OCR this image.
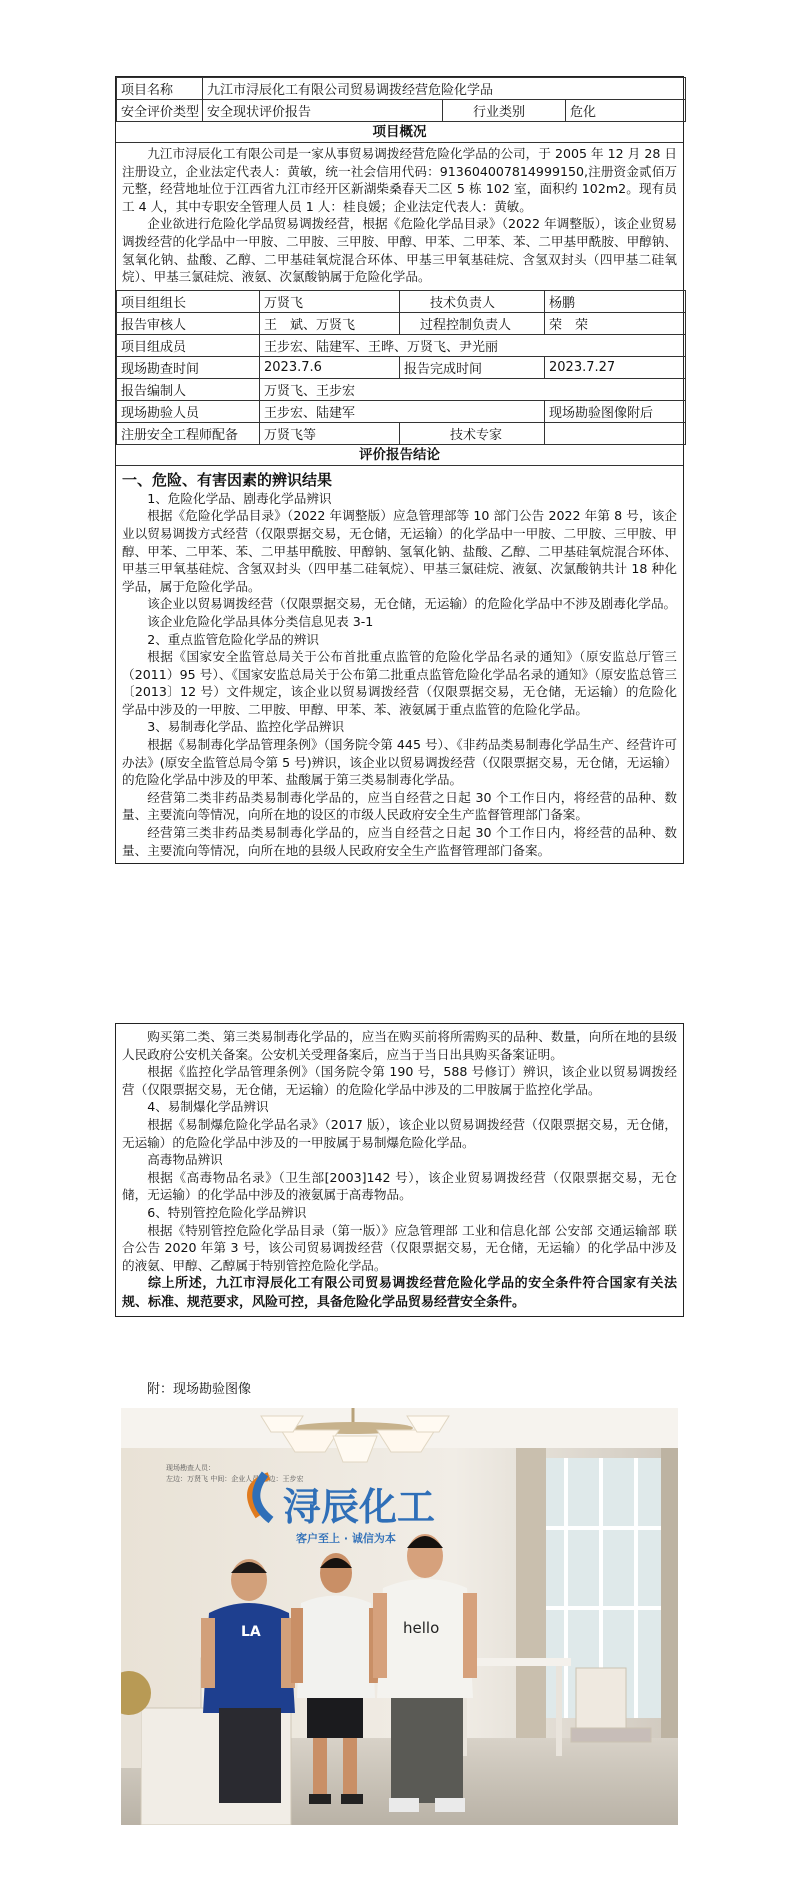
项目名称	九江市浔辰化工有限公司贸易调拨经营危险化学品		
安全评价类型	安全现状评价报告	行业类别	危化
项目概况

九江市浔辰化工有限公司是一家从事贸易调拨经营危险化学品的公司，于 2005 年 12 月 28 日注册设立，企业法定代表人：黄敏，统一社会信用代码：913604007814999150,注册资金贰佰万元整，经营地址位于江西省九江市经开区新湖柴桑春天二区 5 栋 102 室，面积约 102m2。现有员工 4 人，其中专职安全管理人员 1 人：桂良媛；企业法定代表人：黄敏。

企业欲进行危险化学品贸易调拨经营，根据《危险化学品目录》（2022 年调整版），该企业贸易调拨经营的化学品中一甲胺、二甲胺、三甲胺、甲醇、甲苯、二甲苯、苯、二甲基甲酰胺、甲醇钠、氢氧化钠、盐酸、乙醇、二甲基硅氧烷混合环体、甲基三甲氧基硅烷、含氢双封头（四甲基二硅氧烷）、甲基三氯硅烷、液氨、次氯酸钠属于危险化学品。

项目组组长	万贤飞	技术负责人	杨鹏
报告审核人	王　斌、万贤飞	过程控制负责人	荣　荣
项目组成员	王步宏、陆建军、王晔、万贤飞、尹光丽		
现场勘查时间	2023.7.6	报告完成时间	2023.7.27
报告编制人	万贤飞、王步宏		
现场勘验人员	王步宏、陆建军		现场勘验图像附后
注册安全工程师配备	万贤飞等	技术专家	
评价报告结论
一、危险、有害因素的辨识结果

1、危险化学品、剧毒化学品辨识

根据《危险化学品目录》（2022 年调整版）应急管理部等 10 部门公告 2022 年第 8 号，该企业以贸易调拨方式经营（仅限票据交易，无仓储，无运输）的化学品中一甲胺、二甲胺、三甲胺、甲醇、甲苯、二甲苯、苯、二甲基甲酰胺、甲醇钠、氢氧化钠、盐酸、乙醇、二甲基硅氧烷混合环体、甲基三甲氧基硅烷、含氢双封头（四甲基二硅氧烷）、甲基三氯硅烷、液氨、次氯酸钠共计 18 种化学品，属于危险化学品。

该企业以贸易调拨经营（仅限票据交易，无仓储，无运输）的危险化学品中不涉及剧毒化学品。

该企业危险化学品具体分类信息见表 3-1

2、重点监管危险化学品的辨识

根据《国家安全监管总局关于公布首批重点监管的危险化学品名录的通知》（原安监总厅管三（2011）95 号）、《国家安监总局关于公布第二批重点监管危险化学品名录的通知》（原安监总管三〔2013〕12 号）文件规定，该企业以贸易调拨经营（仅限票据交易，无仓储，无运输）的危险化学品中涉及的一甲胺、二甲胺、甲醇、甲苯、苯、液氨属于重点监管的危险化学品。

3、易制毒化学品、监控化学品辨识

根据《易制毒化学品管理条例》（国务院令第 445 号）、《非药品类易制毒化学品生产、经营许可办法》(原安全监管总局令第 5 号)辨识，该企业以贸易调拨经营（仅限票据交易，无仓储，无运输）的危险化学品中涉及的甲苯、盐酸属于第三类易制毒化学品。

经营第二类非药品类易制毒化学品的，应当自经营之日起 30 个工作日内，将经营的品种、数量、主要流向等情况，向所在地的设区的市级人民政府安全生产监督管理部门备案。

经营第三类非药品类易制毒化学品的，应当自经营之日起 30 个工作日内，将经营的品种、数量、主要流向等情况，向所在地的县级人民政府安全生产监督管理部门备案。

购买第二类、第三类易制毒化学品的，应当在购买前将所需购买的品种、数量，向所在地的县级人民政府公安机关备案。公安机关受理备案后，应当于当日出具购买备案证明。

根据《监控化学品管理条例》（国务院令第 190 号，588 号修订）辨识，该企业以贸易调拨经营（仅限票据交易，无仓储，无运输）的危险化学品中涉及的二甲胺属于监控化学品。

4、易制爆化学品辨识

根据《易制爆危险化学品名录》（2017 版），该企业以贸易调拨经营（仅限票据交易，无仓储，无运输）的危险化学品中涉及的一甲胺属于易制爆危险化学品。

高毒物品辨识

根据《高毒物品名录》（卫生部[2003]142 号），该企业贸易调拨经营（仅限票据交易，无仓储，无运输）的化学品中涉及的液氨属于高毒物品。

6、特别管控危险化学品辨识

根据《特别管控危险化学品目录（第一版）》应急管理部 工业和信息化部 公安部 交通运输部 联合公告 2020 年第 3 号，该公司贸易调拨经营（仅限票据交易，无仓储，无运输）的化学品中涉及的液氨、甲醇、乙醇属于特别管控危险化学品。

综上所述，九江市浔辰化工有限公司贸易调拨经营危险化学品的安全条件符合国家有关法规、标准、规范要求，风险可控，具备危险化学品贸易经营安全条件。

附：现场勘验图像
现场勘查人员：
左边：万贤飞 中间：企业人员 右边：王步宏
浔辰化工
客户至上 · 诚信为本
LA	hello
